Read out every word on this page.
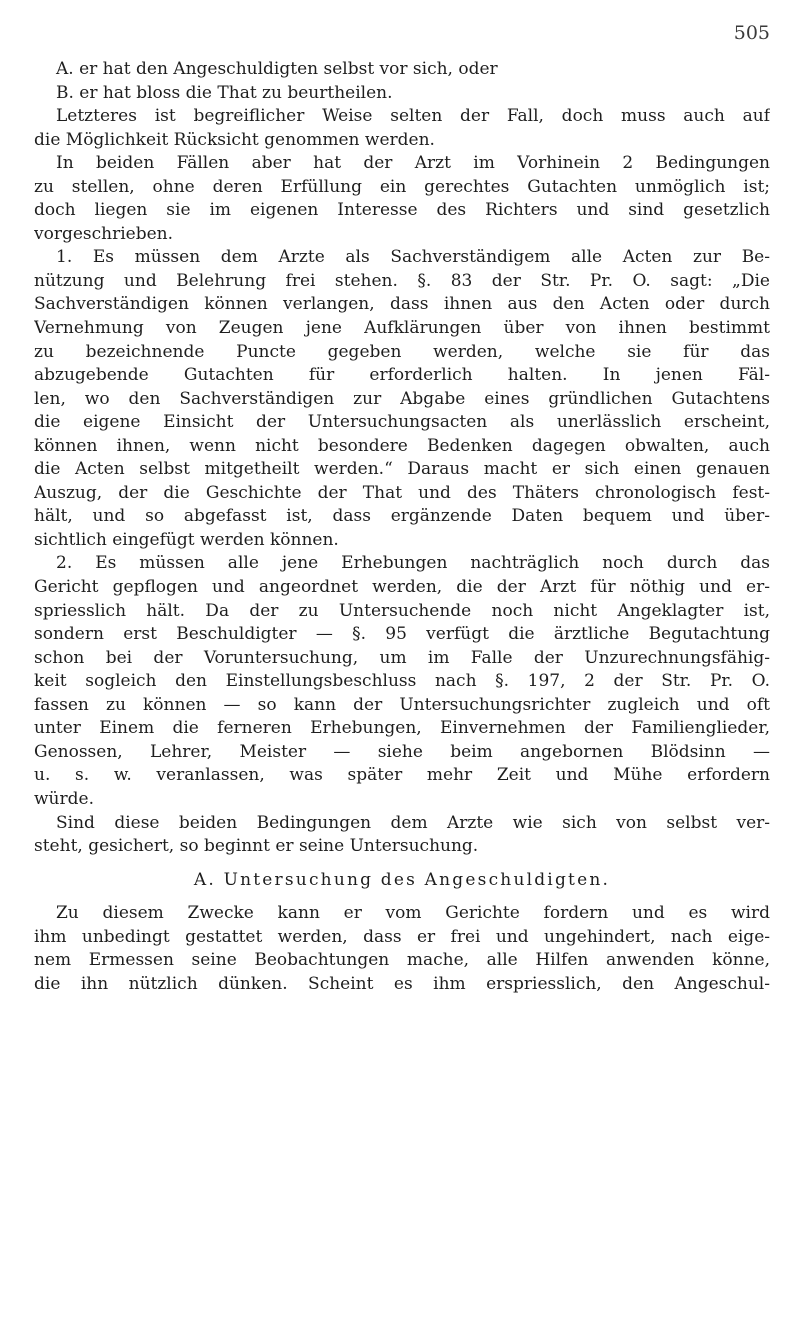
505
A. er hat den Angeschuldigten selbst vor sich, oder
B. er hat bloss die That zu beurtheilen.
Letzteres ist begreiflicher Weise selten der Fall, doch muss auch auf
die Möglichkeit Rücksicht genommen werden.
In beiden Fällen aber hat der Arzt im Vorhinein 2 Bedingungen
zu stellen, ohne deren Erfüllung ein gerechtes Gutachten unmöglich ist;
doch liegen sie im eigenen Interesse des Richters und sind gesetzlich
vorgeschrieben.
1. Es müssen dem Arzte als Sachverständigem alle Acten zur Be-
nützung und Belehrung frei stehen. §. 83 der Str. Pr. O. sagt: „Die
Sachverständigen können verlangen, dass ihnen aus den Acten oder durch
Vernehmung von Zeugen jene Aufklärungen über von ihnen bestimmt
zu bezeichnende Puncte gegeben werden, welche sie für das
abzugebende Gutachten für erforderlich halten. In jenen Fäl-
len, wo den Sachverständigen zur Abgabe eines gründlichen Gutachtens
die eigene Einsicht der Untersuchungsacten als unerlässlich erscheint,
können ihnen, wenn nicht besondere Bedenken dagegen obwalten, auch
die Acten selbst mitgetheilt werden.“ Daraus macht er sich einen genauen
Auszug, der die Geschichte der That und des Thäters chronologisch fest-
hält, und so abgefasst ist, dass ergänzende Daten bequem und über-
sichtlich eingefügt werden können.
2. Es müssen alle jene Erhebungen nachträglich noch durch das
Gericht gepflogen und angeordnet werden, die der Arzt für nöthig und er-
spriesslich hält. Da der zu Untersuchende noch nicht Angeklagter ist,
sondern erst Beschuldigter — §. 95 verfügt die ärztliche Begutachtung
schon bei der Voruntersuchung, um im Falle der Unzurechnungsfähig-
keit sogleich den Einstellungsbeschluss nach §. 197, 2 der Str. Pr. O.
fassen zu können — so kann der Untersuchungsrichter zugleich und oft
unter Einem die ferneren Erhebungen, Einvernehmen der Familienglieder,
Genossen, Lehrer, Meister — siehe beim angebornen Blödsinn —
u. s. w. veranlassen, was später mehr Zeit und Mühe erfordern
würde.
Sind diese beiden Bedingungen dem Arzte wie sich von selbst ver-
steht, gesichert, so beginnt er seine Untersuchung.
A. Untersuchung des Angeschuldigten.
Zu diesem Zwecke kann er vom Gerichte fordern und es wird
ihm unbedingt gestattet werden, dass er frei und ungehindert, nach eige-
nem Ermessen seine Beobachtungen mache, alle Hilfen anwenden könne,
die ihn nützlich dünken. Scheint es ihm erspriesslich, den Angeschul-
